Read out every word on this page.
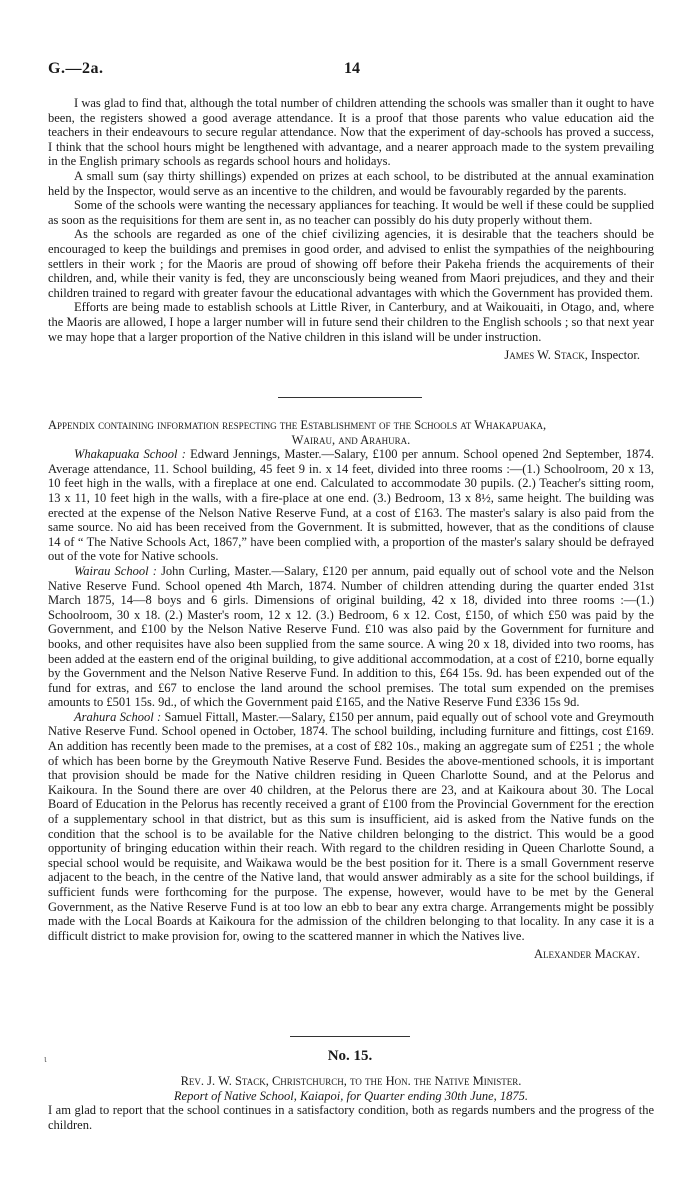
G.—2a.	14

I was glad to find that, although the total number of children attending the schools was smaller than it ought to have been, the registers showed a good average attendance. It is a proof that those parents who value education aid the teachers in their endeavours to secure regular attendance. Now that the experiment of day-schools has proved a success, I think that the school hours might be lengthened with advantage, and a nearer approach made to the system prevailing in the English primary schools as regards school hours and holidays.

A small sum (say thirty shillings) expended on prizes at each school, to be distributed at the annual examination held by the Inspector, would serve as an incentive to the children, and would be favourably regarded by the parents.

Some of the schools were wanting the necessary appliances for teaching. It would be well if these could be supplied as soon as the requisitions for them are sent in, as no teacher can possibly do his duty properly without them.

As the schools are regarded as one of the chief civilizing agencies, it is desirable that the teachers should be encouraged to keep the buildings and premises in good order, and advised to enlist the sympathies of the neighbouring settlers in their work ; for the Maoris are proud of showing off before their Pakeha friends the acquirements of their children, and, while their vanity is fed, they are unconsciously being weaned from Maori prejudices, and they and their children trained to regard with greater favour the educational advantages with which the Government has provided them.

Efforts are being made to establish schools at Little River, in Canterbury, and at Waikouaiti, in Otago, and, where the Maoris are allowed, I hope a larger number will in future send their children to the English schools ; so that next year we may hope that a larger proportion of the Native children in this island will be under instruction.

James W. Stack, Inspector.

Appendix containing information respecting the Establishment of the Schools at Whakapuaka,

Wairau, and Arahura.

Whakapuaka School : Edward Jennings, Master.—Salary, £100 per annum. School opened 2nd September, 1874. Average attendance, 11. School building, 45 feet 9 in. x 14 feet, divided into three rooms :—(1.) Schoolroom, 20 x 13, 10 feet high in the walls, with a fireplace at one end. Calculated to accommodate 30 pupils. (2.) Teacher's sitting room, 13 x 11, 10 feet high in the walls, with a fire-place at one end. (3.) Bedroom, 13 x 8½, same height. The building was erected at the expense of the Nelson Native Reserve Fund, at a cost of £163. The master's salary is also paid from the same source. No aid has been received from the Government. It is submitted, however, that as the conditions of clause 14 of “ The Native Schools Act, 1867,” have been complied with, a proportion of the master's salary should be defrayed out of the vote for Native schools.

Wairau School : John Curling, Master.—Salary, £120 per annum, paid equally out of school vote and the Nelson Native Reserve Fund. School opened 4th March, 1874. Number of children attending during the quarter ended 31st March 1875, 14—8 boys and 6 girls. Dimensions of original building, 42 x 18, divided into three rooms :—(1.) Schoolroom, 30 x 18. (2.) Master's room, 12 x 12. (3.) Bedroom, 6 x 12. Cost, £150, of which £50 was paid by the Government, and £100 by the Nelson Native Reserve Fund. £10 was also paid by the Government for furniture and books, and other requisites have also been supplied from the same source. A wing 20 x 18, divided into two rooms, has been added at the eastern end of the original building, to give additional accommodation, at a cost of £210, borne equally by the Government and the Nelson Native Reserve Fund. In addition to this, £64 15s. 9d. has been expended out of the fund for extras, and £67 to enclose the land around the school premises. The total sum expended on the premises amounts to £501 15s. 9d., of which the Government paid £165, and the Native Reserve Fund £336 15s 9d.

Arahura School : Samuel Fittall, Master.—Salary, £150 per annum, paid equally out of school vote and Greymouth Native Reserve Fund. School opened in October, 1874. The school building, including furniture and fittings, cost £169. An addition has recently been made to the premises, at a cost of £82 10s., making an aggregate sum of £251 ; the whole of which has been borne by the Greymouth Native Reserve Fund. Besides the above-mentioned schools, it is important that provision should be made for the Native children residing in Queen Charlotte Sound, and at the Pelorus and Kaikoura. In the Sound there are over 40 children, at the Pelorus there are 23, and at Kaikoura about 30. The Local Board of Education in the Pelorus has recently received a grant of £100 from the Provincial Government for the erection of a supplementary school in that district, but as this sum is insufficient, aid is asked from the Native funds on the condition that the school is to be available for the Native children belonging to the district. This would be a good opportunity of bringing education within their reach. With regard to the children residing in Queen Charlotte Sound, a special school would be requisite, and Waikawa would be the best position for it. There is a small Government reserve adjacent to the beach, in the centre of the Native land, that would answer admirably as a site for the school buildings, if sufficient funds were forthcoming for the purpose. The expense, however, would have to be met by the General Government, as the Native Reserve Fund is at too low an ebb to bear any extra charge. Arrangements might be possibly made with the Local Boards at Kaikoura for the admission of the children belonging to that locality. In any case it is a difficult district to make provision for, owing to the scattered manner in which the Natives live.

Alexander Mackay.

ι	No. 15.

Rev. J. W. Stack, Christchurch, to the Hon. the Native Minister.

Report of Native School, Kaiapoi, for Quarter ending 30th June, 1875.

I am glad to report that the school continues in a satisfactory condition, both as regards numbers and the progress of the children.
